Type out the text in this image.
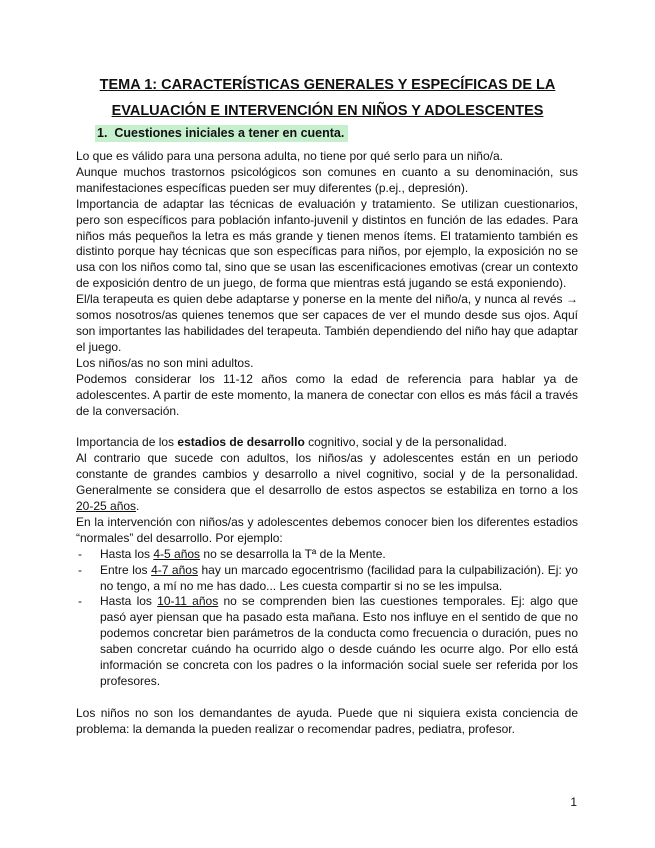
TEMA 1: CARACTERÍSTICAS GENERALES Y ESPECÍFICAS DE LA
EVALUACIÓN E INTERVENCIÓN EN NIÑOS Y ADOLESCENTES
1. Cuestiones iniciales a tener en cuenta.

Lo que es válido para una persona adulta, no tiene por qué serlo para un niño/a.

Aunque muchos trastornos psicológicos son comunes en cuanto a su denominación, sus manifestaciones específicas pueden ser muy diferentes (p.ej., depresión).

Importancia de adaptar las técnicas de evaluación y tratamiento. Se utilizan cuestionarios, pero son específicos para población infanto-juvenil y distintos en función de las edades. Para niños más pequeños la letra es más grande y tienen menos ítems. El tratamiento también es distinto porque hay técnicas que son específicas para niños, por ejemplo, la exposición no se usa con los niños como tal, sino que se usan las escenificaciones emotivas (crear un contexto de exposición dentro de un juego, de forma que mientras está jugando se está exponiendo).

El/la terapeuta es quien debe adaptarse y ponerse en la mente del niño/a, y nunca al revés → somos nosotros/as quienes tenemos que ser capaces de ver el mundo desde sus ojos. Aquí son importantes las habilidades del terapeuta. También dependiendo del niño hay que adaptar el juego.

Los niños/as no son mini adultos.

Podemos considerar los 11-12 años como la edad de referencia para hablar ya de adolescentes. A partir de este momento, la manera de conectar con ellos es más fácil a través de la conversación.

Importancia de los estadios de desarrollo cognitivo, social y de la personalidad.

Al contrario que sucede con adultos, los niños/as y adolescentes están en un periodo constante de grandes cambios y desarrollo a nivel cognitivo, social y de la personalidad. Generalmente se considera que el desarrollo de estos aspectos se estabiliza en torno a los 20-25 años.

En la intervención con niños/as y adolescentes debemos conocer bien los diferentes estadios “normales” del desarrollo. Por ejemplo:

- Hasta los 4-5 años no se desarrolla la Tª de la Mente.
- Entre los 4-7 años hay un marcado egocentrismo (facilidad para la culpabilización). Ej: yo no tengo, a mí no me has dado... Les cuesta compartir si no se les impulsa.
- Hasta los 10-11 años no se comprenden bien las cuestiones temporales. Ej: algo que pasó ayer piensan que ha pasado esta mañana. Esto nos influye en el sentido de que no podemos concretar bien parámetros de la conducta como frecuencia o duración, pues no saben concretar cuándo ha ocurrido algo o desde cuándo les ocurre algo. Por ello está información se concreta con los padres o la información social suele ser referida por los profesores.

Los niños no son los demandantes de ayuda. Puede que ni siquiera exista conciencia de problema: la demanda la pueden realizar o recomendar padres, pediatra, profesor.

1
